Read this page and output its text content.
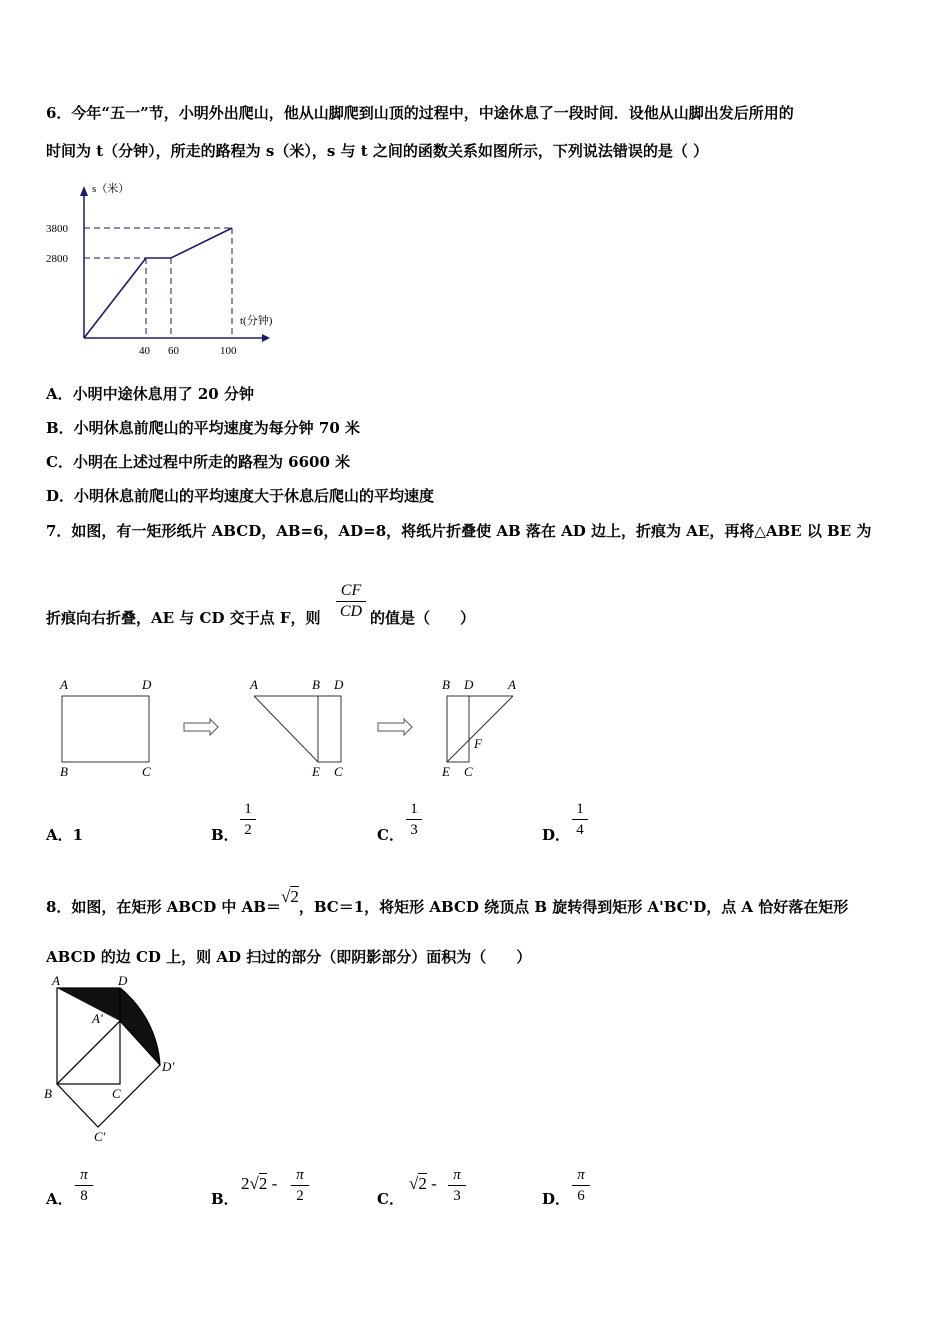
6．今年“五一”节，小明外出爬山，他从山脚爬到山顶的过程中，中途休息了一段时间．设他从山脚出发后所用的
时间为 t（分钟），所走的路程为 s（米），s 与 t 之间的函数关系如图所示，下列说法错误的是（ ）
s（米）
t(分钟)
3800
2800
40 60	100
A．小明中途休息用了 20 分钟
B．小明休息前爬山的平均速度为每分钟 70 米
C．小明在上述过程中所走的路程为 6600 米
D．小明休息前爬山的平均速度大于休息后爬山的平均速度
7．如图，有一矩形纸片 ABCD，AB=6，AD=8，将纸片折叠使 AB 落在 AD 边上，折痕为 AE，再将△ABE 以 BE 为
折痕向右折叠，AE 与 CD 交于点 F，则
CF
CD 的值是（　　）
A	D
B	C
A	B D
E C
B D	A
F
E C
A．1	B．
1
2	C．
1
3	D．
1
4
8．如图，在矩形 ABCD 中 AB＝√2，BC＝1，将矩形 ABCD 绕顶点 B 旋转得到矩形 A'BC'D，点 A 恰好落在矩形
ABCD 的边 CD 上，则 AD 扫过的部分（即阴影部分）面积为（　　）
A	D
A'
D'
B	C
C'
A．
π
8	B．
2√2 -	π
2	C．
√2 -	π
3	D．
π
6
